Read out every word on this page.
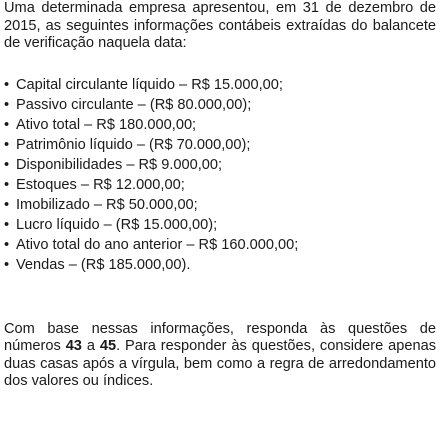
Uma determinada empresa apresentou, em 31 de dezembro de 2015, as seguintes informações contábeis extraídas do balancete de verificação naquela data:

• Capital circulante líquido – R$ 15.000,00;
• Passivo circulante – (R$ 80.000,00);
• Ativo total – R$ 180.000,00;
• Patrimônio líquido – (R$ 70.000,00);
• Disponibilidades – R$ 9.000,00;
• Estoques – R$ 12.000,00;
• Imobilizado – R$ 50.000,00;
• Lucro líquido – (R$ 15.000,00);
• Ativo total do ano anterior – R$ 160.000,00;
• Vendas – (R$ 185.000,00).

Com base nessas informações, responda às questões de números 43 a 45. Para responder às questões, considere apenas duas casas após a vírgula, bem como a regra de arredondamento dos valores ou índices.
